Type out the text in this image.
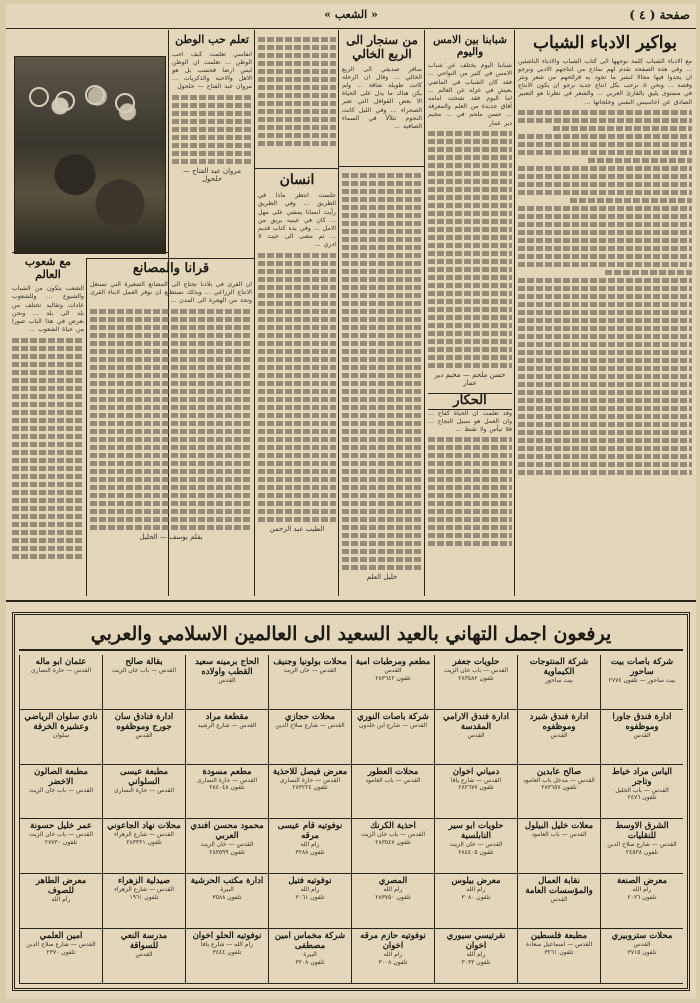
صفحة ( ٤ )
« الشعب »
بواكير الادباء الشباب
مع الادباء الشباب كلمة نوجهها الى كتاب الشباب والادباء الناشئين ... وفي هذه الصفحة نقدم لهم نماذج من انتاجهم الادبي ونرجو ان يجدوا فيها مجالا لنشر ما تجود به قرائحهم من شعر ونثر وقصة ... ونحن اذ نرحب بكل انتاج جديد نرجو ان يكون الانتاج في مستوى يليق بالقارئ العربي ... والشعر في نظرنا هو التعبير الصادق عن احاسيس النفس وخلجاتها ...
شبابنا بين الامس واليوم
شبابنا اليوم يختلف عن شباب الامس في كثير من النواحي ... فقد كان الشباب في الماضي يعيش في عزلة عن العالم ... اما اليوم فقد تفتحت امامه آفاق جديدة من العلم والمعرفة ... حسن ملحم في ... مخيم دير عمار
حسن ملحم — مخيم دير عمار
الحكار
وقد تعلمت ان الحياة كفاح ... وان العمل هو سبيل النجاح ... فلا تيأس ولا تقنط ...
من سنجار الى الربع الخالي
سافر صديقي الى الربع الخالي ... وقال ان الرحلة كانت طويلة شاقة ... ولم يكن هناك ما يدل على الحياة الا بعض القوافل التي تعبر الصحراء ... وفي الليل كانت النجوم تتلألأ في السماء الصافية ...
خليل العلم
انسان
جلست انتظر ماذا في الطريق ... وفي الطريق رأيت انسانا يمشي على مهل ... كان في عينيه بريق من الامل ... وفي يده كتاب قديم ... ثم مضى الى حيث لا ادري ...
الطيب عبد الرحمن
تعلم حب الوطن
انفاسي تعلمت كيف احب الوطن ... تعلمت ان الوطن ليس ارضا فحسب بل هو الاهل والاحبة والذكريات ... مروان عبد الفتاح — حلحول
مروان عبد الفتاح — حلحول
قرانا والمصانع
ان القرى في بلادنا تحتاج الى المصانع الصغيرة التي تستغل الانتاج الزراعي ... وبذلك نستطيع ان نوفر العمل لابناء القرى ونحد من الهجرة الى المدن ...
بقلم يوسف — الخليل
مع شعوب العالم
الشعب يتكون من الشباب والشيوخ ... وللشعوب عادات وتقاليد تختلف من بلد الى بلد ... ونحن نعرض في هذا الباب صورا من حياة الشعوب ...
يرفعون اجمل التهاني بالعيد السعيد الى العالمين الاسلامي والعربي
شركة باصات بيت ساحور
بيت ساحور — تلفون ٢٧٧٤
ادارة فندق جاورا وموظفوه
القدس
الياس مراد خياط وتاجر
القدس — باب الخليل
تلفون ٢٤٧٦
الشرق الاوسط للنقليات
القدس — شارع صلاح الدين
تلفون ٢٤٥٣٨
معرض الصنعة
رام الله
تلفون ٢٠٢٦
محلات ستروبيري
القدس
تلفون ٣٧١٥
شركة المنتوجات الكيماوية
بيت ساحور
ادارة فندق شبرد وموظفوه
القدس
صالح عابدين
القدس — مدخل باب العامود
تلفون ٢٨٣٦٥٧
معلات خليل البيلول
القدس — باب العامود
نقابة العمال والمؤسسات العامة
القدس
مطبعة فلسطين
القدس — اسماعيل سعادة
تلفون ٣٢٦١
حلويات جعفر
القدس — باب خان الزيت
تلفون ٢٨٣٥٨٢
ادارة فندق الارامي المقدسة
القدس
دمياني اخوان
القدس — شارع يافا
تلفون ٢٨٢٦٧٧
حلويات ابو سير النابلسية
القدس — خان الزيت
تلفون ٢٨٤٤٠٥
معرض بيلوس
رام الله
تلفون ٣٠٨٠
نقرتيسي سيوري اخوان
رام الله
تلفون ٣٠٣٣
مطعم ومرطبات امية
القدس
تلفون ٢٨٣٦٤٢
شركة باصات النوري
القدس — شارع ابن خلدون
محلات العطور
القدس — باب العامود
احذية الكرنك
القدس — باب خان الزيت
تلفون ٢٨٣٥٤٧
المصري
رام الله
تلفون ٢٨٣٧٥٠
نوفوتيه حازم مرقه اخوان
رام الله
تلفون ٣٠٠٨
محلات بولونيا وجنيف
القدس — خان الزيت
محلات حجازي
القدس — شارع صلاح الدين
معرض فيصل للاحذية
القدس — حارة النصارى
تلفون ٢٨٣٢٢٤
نوفوتيه قام عيسى مرقه
رام الله
تلفون ٣٢٨٨
نوفوتيه فتيل
رام الله
تلفون ٣٠٦١
شركة مخماس امين مصطفى
البيرة
تلفون ٣٢٠٨
الحاج برمينه سعيد القطب واولاده
القدس
مقطعة مراد
القدس — شارع الرشيد
مطعم مسودة
القدس — حارة النصارى
تلفون ٢٨٤٠٤٨
محمود محسن افندي العربي
القدس — خان الزيت
تلفون ٢٨٣٥٩٩
ادارة مكتب الحرشية
البيرة
تلفون ٣٥٨٨
نوفوتيه الحلو اخوان
رام الله — شارع يافا
تلفون ٣٤٤٤
بقالة صالح
القدس — باب خان الزيت
ادارة فنادق سان جورج وموظفوه
القدس
مطبعة عيسى السلواني
القدس — حارة النصارى
محلات نهاد الجاعوني
القدس — شارع الزهراء
تلفون ٢٨٣٣٣١
صيدلية الزهراء
القدس — شارع الزهراء
تلفون ١٩٦١
مدرسة النعي للسواقة
القدس
عثمان ابو ماله
القدس — حارة النصارى
نادي سلوان الرياضي وعشيرة الخرفة
سلوان
مطبعة الصالون الاخضر
القدس — باب خان الزيت
عمر خليل حسونة
القدس — باب خان الزيت
تلفون ٢٧٧٣٠
معرض الطاهر للصوف
رام الله
امين العلمي
القدس — شارع صلاح الدين
تلفون ٢٣٧٠
